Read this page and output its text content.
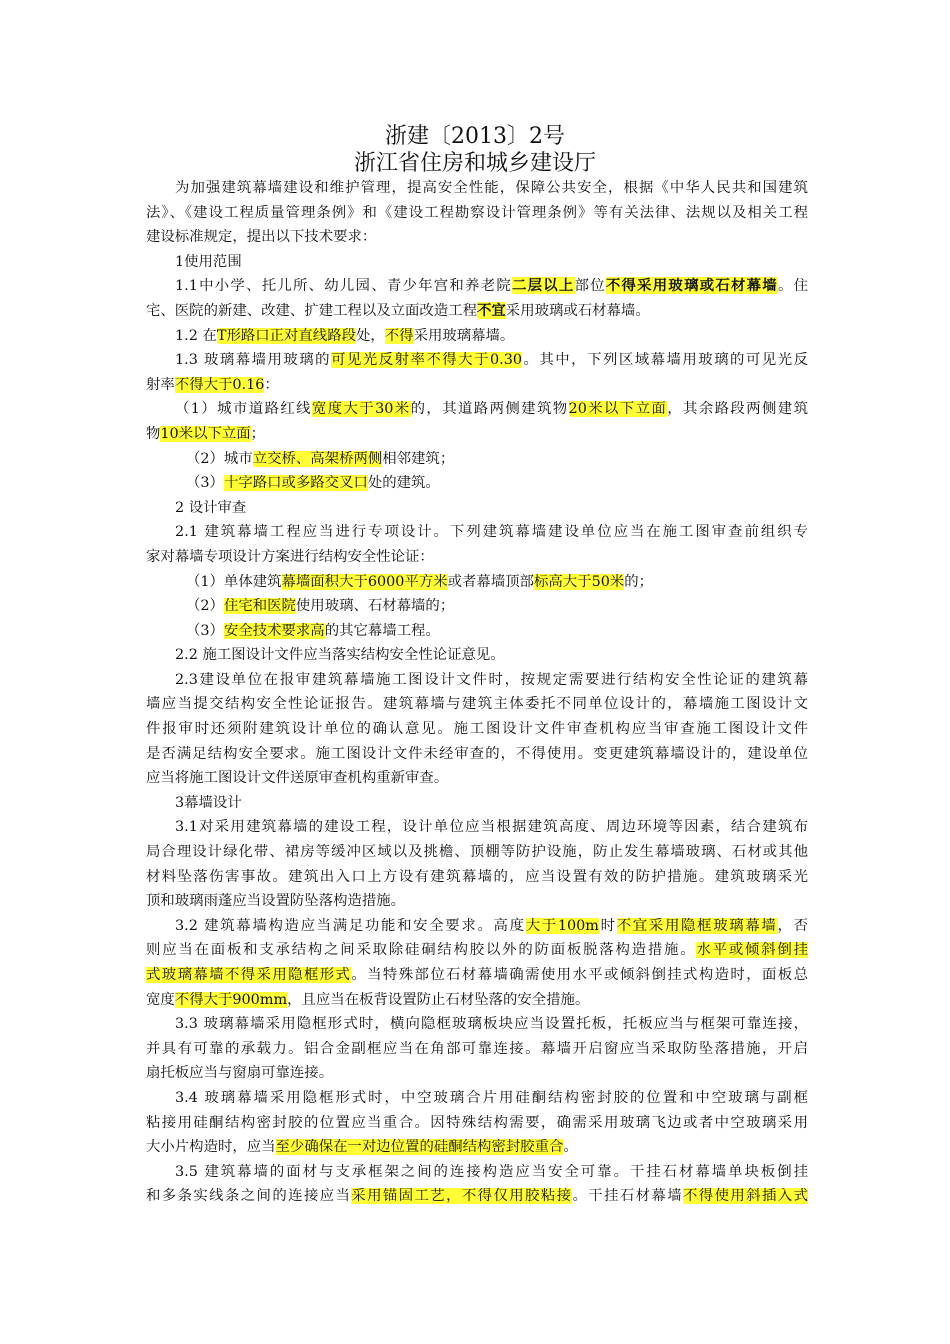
浙建〔2013〕2号
浙江省住房和城乡建设厅
为加强建筑幕墙建设和维护管理，提高安全性能，保障公共安全，根据《中华人民共和国建筑
法》、《建设工程质量管理条例》和《建设工程勘察设计管理条例》等有关法律、法规以及相关工程
建设标准规定，提出以下技术要求：
1使用范围
1.1中小学、托儿所、幼儿园、青少年宫和养老院二层以上部位不得采用玻璃或石材幕墙。住
宅、医院的新建、改建、扩建工程以及立面改造工程不宜采用玻璃或石材幕墙。
1.2 在T形路口正对直线路段处，不得采用玻璃幕墙。
1.3 玻璃幕墙用玻璃的可见光反射率不得大于0.30。其中，下列区域幕墙用玻璃的可见光反
射率不得大于0.16：
（1）城市道路红线宽度大于30米的，其道路两侧建筑物20米以下立面，其余路段两侧建筑
物10米以下立面；
（2）城市立交桥、高架桥两侧相邻建筑；
（3）十字路口或多路交叉口处的建筑。
2 设计审查
2.1 建筑幕墙工程应当进行专项设计。下列建筑幕墙建设单位应当在施工图审查前组织专
家对幕墙专项设计方案进行结构安全性论证：
（1）单体建筑幕墙面积大于6000平方米或者幕墙顶部标高大于50米的；
（2）住宅和医院使用玻璃、石材幕墙的；
（3）安全技术要求高的其它幕墙工程。
2.2 施工图设计文件应当落实结构安全性论证意见。
2.3建设单位在报审建筑幕墙施工图设计文件时，按规定需要进行结构安全性论证的建筑幕
墙应当提交结构安全性论证报告。建筑幕墙与建筑主体委托不同单位设计的，幕墙施工图设计文
件报审时还须附建筑设计单位的确认意见。施工图设计文件审查机构应当审查施工图设计文件
是否满足结构安全要求。施工图设计文件未经审查的，不得使用。变更建筑幕墙设计的，建设单位
应当将施工图设计文件送原审查机构重新审查。
3幕墙设计
3.1对采用建筑幕墙的建设工程，设计单位应当根据建筑高度、周边环境等因素，结合建筑布
局合理设计绿化带、裙房等缓冲区域以及挑檐、顶棚等防护设施，防止发生幕墙玻璃、石材或其他
材料坠落伤害事故。建筑出入口上方设有建筑幕墙的，应当设置有效的防护措施。建筑玻璃采光
顶和玻璃雨蓬应当设置防坠落构造措施。
3.2 建筑幕墙构造应当满足功能和安全要求。高度大于100m时不宜采用隐框玻璃幕墙，否
则应当在面板和支承结构之间采取除硅硐结构胶以外的防面板脱落构造措施。水平或倾斜倒挂
式玻璃幕墙不得采用隐框形式。当特殊部位石材幕墙确需使用水平或倾斜倒挂式构造时，面板总
宽度不得大于900mm，且应当在板背设置防止石材坠落的安全措施。
3.3 玻璃幕墙采用隐框形式时，横向隐框玻璃板块应当设置托板，托板应当与框架可靠连接，
并具有可靠的承载力。铝合金副框应当在角部可靠连接。幕墙开启窗应当采取防坠落措施，开启
扇托板应当与窗扇可靠连接。
3.4 玻璃幕墙采用隐框形式时，中空玻璃合片用硅酮结构密封胶的位置和中空玻璃与副框
粘接用硅酮结构密封胶的位置应当重合。因特殊结构需要，确需采用玻璃飞边或者中空玻璃采用
大小片构造时，应当至少确保在一对边位置的硅酮结构密封胶重合。
3.5 建筑幕墙的面材与支承框架之间的连接构造应当安全可靠。干挂石材幕墙单块板倒挂
和多条实线条之间的连接应当采用锚固工艺，不得仅用胶粘接。干挂石材幕墙不得使用斜插入式
